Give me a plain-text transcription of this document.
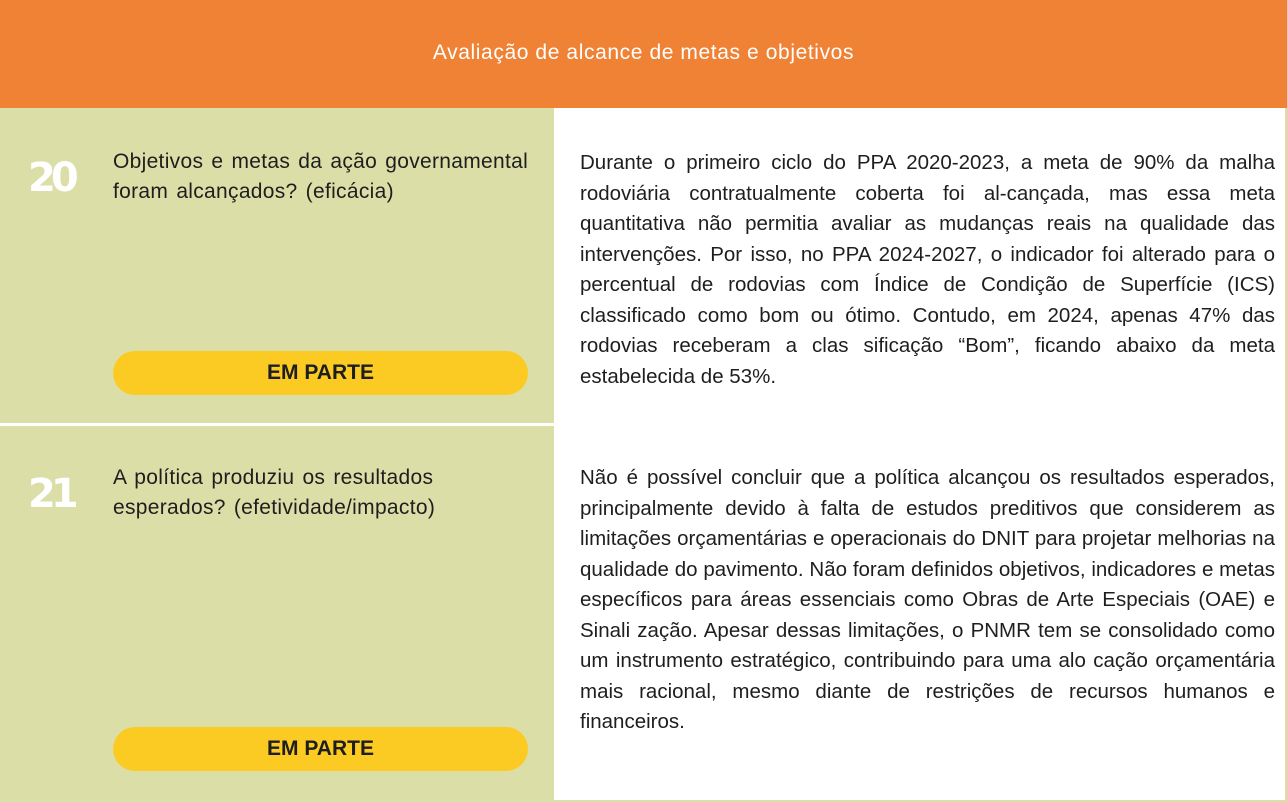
Avaliação de alcance de metas e objetivos
20 Objetivos e metas da ação governamental foram alcançados? (eficácia)
EM PARTE
Durante o primeiro ciclo do PPA 2020-2023, a meta de 90% da malha rodoviária contratualmente coberta foi al-cançada, mas essa meta quantitativa não permitia avaliar as mudanças reais na qualidade das intervenções. Por isso, no PPA 2024-2027, o indicador foi alterado para o percentual de rodovias com Índice de Condição de Superfície (ICS) classificado como bom ou ótimo. Contudo, em 2024, apenas 47% das rodovias receberam a clas sificação “Bom”, ficando abaixo da meta estabelecida de 53%.
21 A política produziu os resultados esperados? (efetividade/impacto)
EM PARTE
Não é possível concluir que a política alcançou os resultados esperados, principalmente devido à falta de estudos preditivos que considerem as limitações orçamentárias e operacionais do DNIT para projetar melhorias na qualidade do pavimento. Não foram definidos objetivos, indicadores e metas específicos para áreas essenciais como Obras de Arte Especiais (OAE) e Sinali zação. Apesar dessas limitações, o PNMR tem se consolidado como um instrumento estratégico, contribuindo para uma alo cação orçamentária mais racional, mesmo diante de restrições de recursos humanos e financeiros.
